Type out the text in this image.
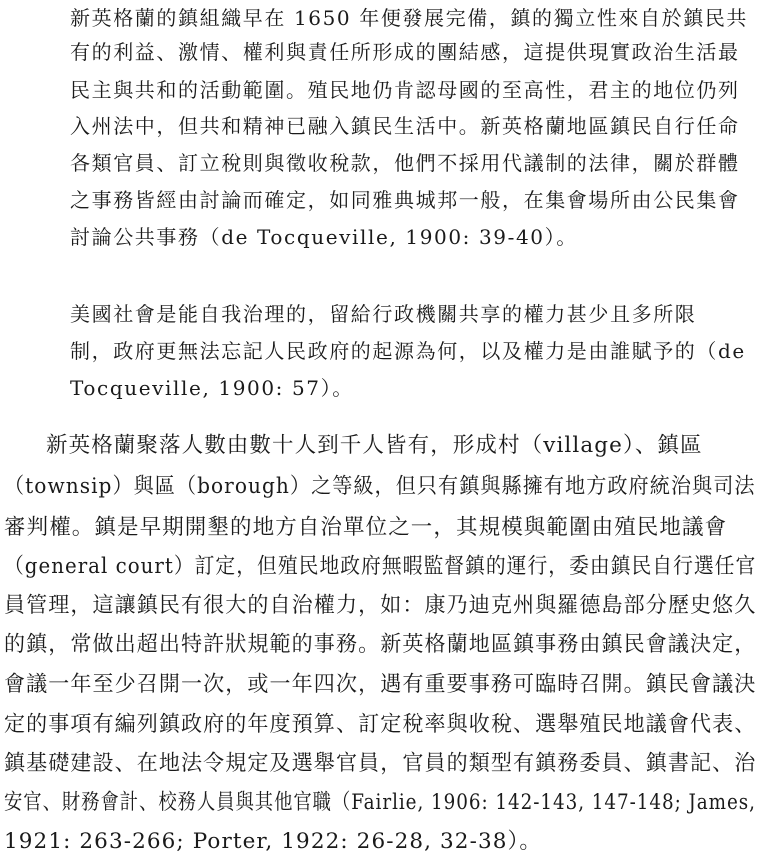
新英格蘭的鎮組織早在 1650 年便發展完備，鎮的獨立性來自於鎮民共
有的利益、激情、權利與責任所形成的團結感，這提供現實政治生活最
民主與共和的活動範圍。殖民地仍肯認母國的至高性，君主的地位仍列
入州法中，但共和精神已融入鎮民生活中。新英格蘭地區鎮民自行任命
各類官員、訂立稅則與徵收稅款，他們不採用代議制的法律，關於群體
之事務皆經由討論而確定，如同雅典城邦一般，在集會場所由公民集會
討論公共事務（de Tocqueville, 1900: 39-40）。
美國社會是能自我治理的，留給行政機關共享的權力甚少且多所限
制，政府更無法忘記人民政府的起源為何，以及權力是由誰賦予的（de
Tocqueville, 1900: 57）。
新英格蘭聚落人數由數十人到千人皆有，形成村（village）、鎮區
（townsip）與區（borough）之等級，但只有鎮與縣擁有地方政府統治與司法
審判權。鎮是早期開墾的地方自治單位之一，其規模與範圍由殖民地議會
（general court）訂定，但殖民地政府無暇監督鎮的運行，委由鎮民自行選任官
員管理，這讓鎮民有很大的自治權力，如：康乃迪克州與羅德島部分歷史悠久
的鎮，常做出超出特許狀規範的事務。新英格蘭地區鎮事務由鎮民會議決定，
會議一年至少召開一次，或一年四次，遇有重要事務可臨時召開。鎮民會議決
定的事項有編列鎮政府的年度預算、訂定稅率與收稅、選舉殖民地議會代表、
鎮基礎建設、在地法令規定及選舉官員，官員的類型有鎮務委員、鎮書記、治
安官、財務會計、校務人員與其他官職（Fairlie, 1906: 142-143, 147-148; James,
1921: 263-266; Porter, 1922: 26-28, 32-38）。
